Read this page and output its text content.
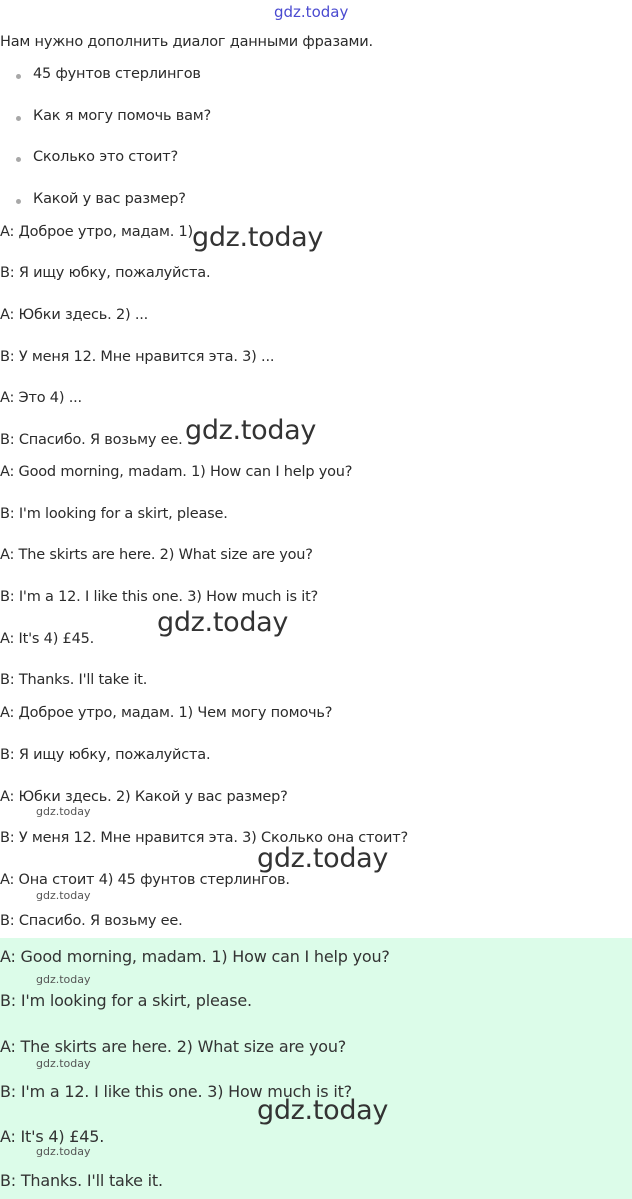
gdz.today

Нам нужно дополнить диалог данными фразами.

45 фунтов стерлингов

Как я могу помочь вам?

Сколько это стоит?

Какой у вас размер?

A: Доброе утро, мадам. 1)

B: Я ищу юбку, пожалуйста.

A: Юбки здесь. 2) ...

B: У меня 12. Мне нравится эта. 3) ...

A: Это 4) ...

B: Спасибо. Я возьму ее.

A: Good morning, madam. 1) How can I help you?

B: I'm looking for a skirt, please.

A: The skirts are here. 2) What size are you?

B: I'm a 12. I like this one. 3) How much is it?

A: It's 4) £45.

B: Thanks. I'll take it.

A: Доброе утро, мадам. 1) Чем могу помочь?

B: Я ищу юбку, пожалуйста.

A: Юбки здесь. 2) Какой у вас размер?

B: У меня 12. Мне нравится эта. 3) Сколько она стоит?

A: Она стоит 4) 45 фунтов стерлингов.

B: Спасибо. Я возьму ее.

A: Good morning, madam. 1) How can I help you?

B: I'm looking for a skirt, please.

A: The skirts are here. 2) What size are you?

B: I'm a 12. I like this one. 3) How much is it?

A: It's 4) £45.

B: Thanks. I'll take it.

gdz.today
gdz.today
gdz.today
gdz.today
gdz.today
gdz.today
gdz.today
gdz.today
gdz.today
gdz.today
